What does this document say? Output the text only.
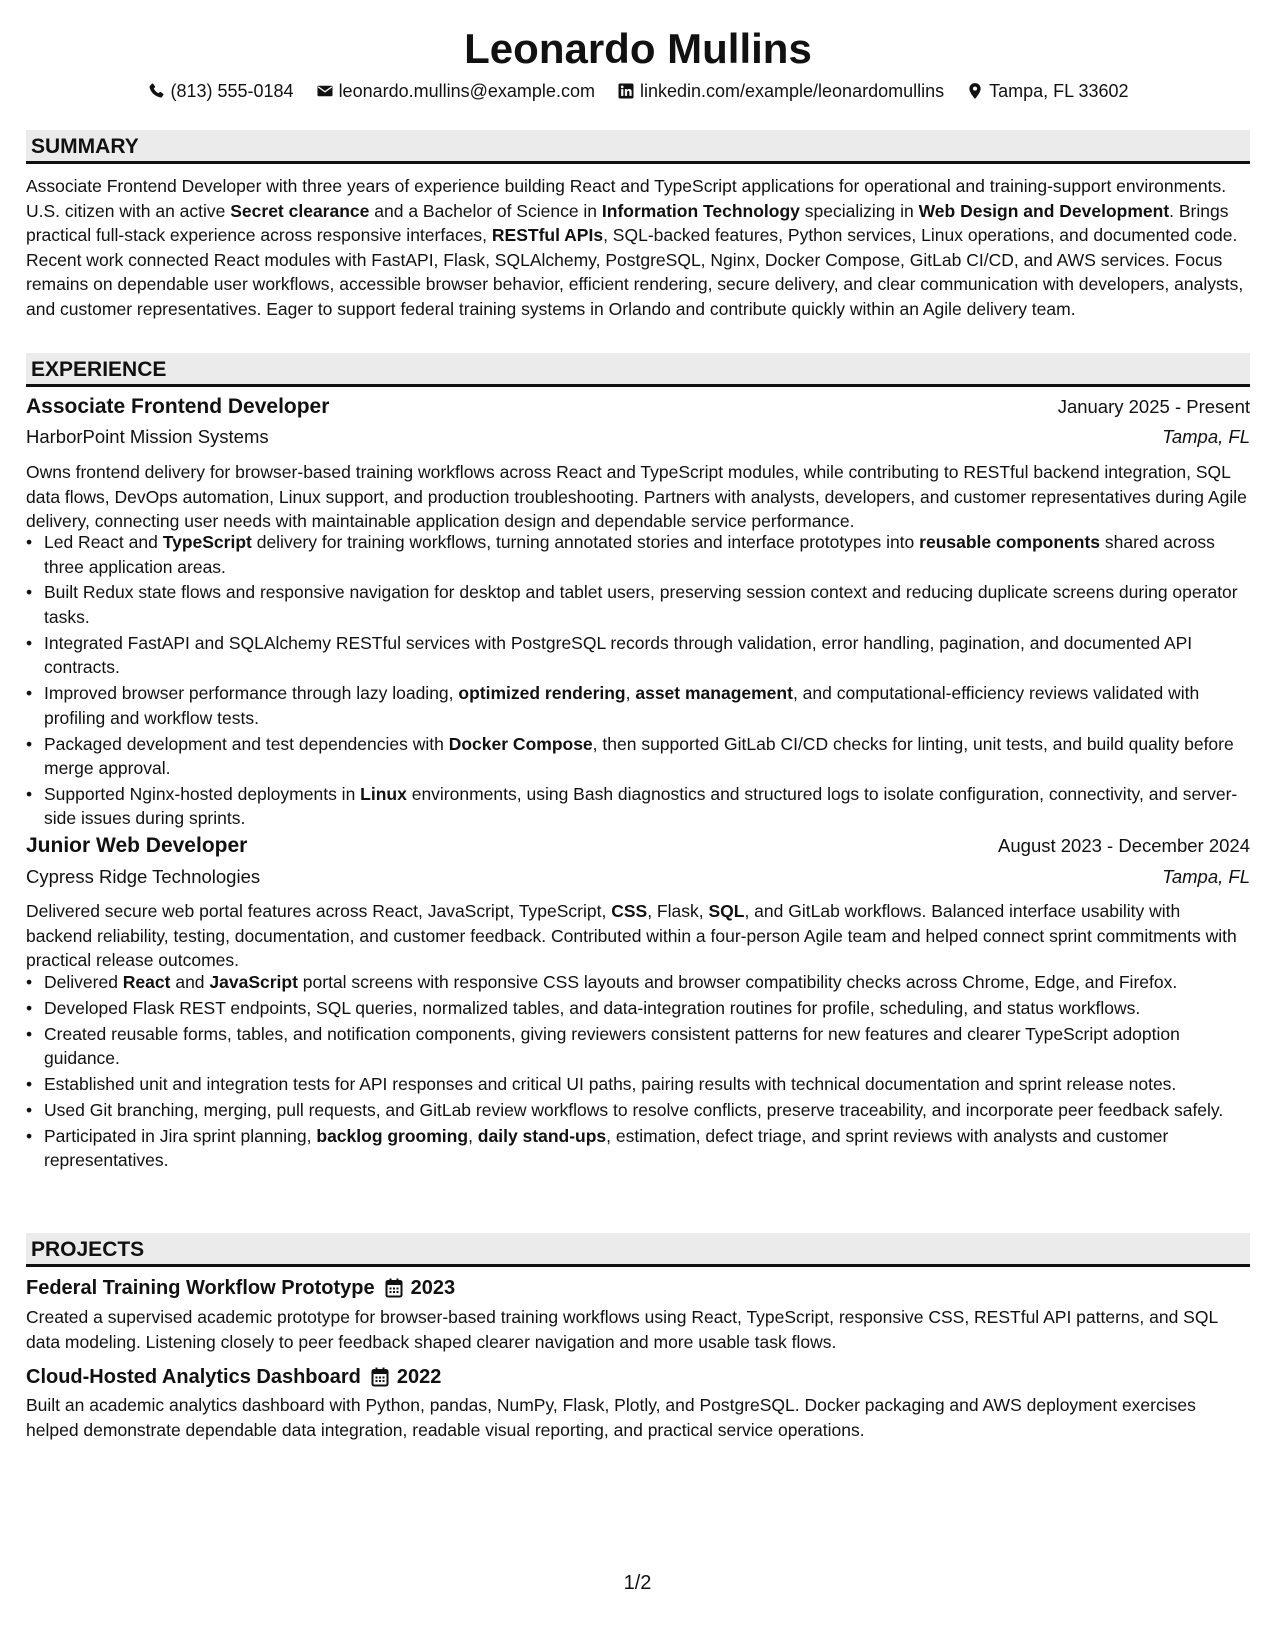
Leonardo Mullins
(813) 555-0184	leonardo.mullins@example.com	linkedin.com/example/leonardomullins	Tampa, FL 33602
SUMMARY

Associate Frontend Developer with three years of experience building React and TypeScript applications for operational and training-support environments. U.S. citizen with an active Secret clearance and a Bachelor of Science in Information Technology specializing in Web Design and Development. Brings practical full-stack experience across responsive interfaces, RESTful APIs, SQL-backed features, Python services, Linux operations, and documented code. Recent work connected React modules with FastAPI, Flask, SQLAlchemy, PostgreSQL, Nginx, Docker Compose, GitLab CI/CD, and AWS services. Focus remains on dependable user workflows, accessible browser behavior, efficient rendering, secure delivery, and clear communication with developers, analysts, and customer representatives. Eager to support federal training systems in Orlando and contribute quickly within an Agile delivery team.

EXPERIENCE
Associate Frontend Developer	January 2025 - Present
HarborPoint Mission Systems	Tampa, FL

Owns frontend delivery for browser-based training workflows across React and TypeScript modules, while contributing to RESTful backend integration, SQL data flows, DevOps automation, Linux support, and production troubleshooting. Partners with analysts, developers, and customer representatives during Agile delivery, connecting user needs with maintainable application design and dependable service performance.

• Led React and TypeScript delivery for training workflows, turning annotated stories and interface prototypes into reusable components shared across three application areas.
• Built Redux state flows and responsive navigation for desktop and tablet users, preserving session context and reducing duplicate screens during operator tasks.
• Integrated FastAPI and SQLAlchemy RESTful services with PostgreSQL records through validation, error handling, pagination, and documented API contracts.
• Improved browser performance through lazy loading, optimized rendering, asset management, and computational-efficiency reviews validated with profiling and workflow tests.
• Packaged development and test dependencies with Docker Compose, then supported GitLab CI/CD checks for linting, unit tests, and build quality before merge approval.
• Supported Nginx-hosted deployments in Linux environments, using Bash diagnostics and structured logs to isolate configuration, connectivity, and server-side issues during sprints.
Junior Web Developer	August 2023 - December 2024
Cypress Ridge Technologies	Tampa, FL

Delivered secure web portal features across React, JavaScript, TypeScript, CSS, Flask, SQL, and GitLab workflows. Balanced interface usability with backend reliability, testing, documentation, and customer feedback. Contributed within a four-person Agile team and helped connect sprint commitments with practical release outcomes.

• Delivered React and JavaScript portal screens with responsive CSS layouts and browser compatibility checks across Chrome, Edge, and Firefox.
• Developed Flask REST endpoints, SQL queries, normalized tables, and data-integration routines for profile, scheduling, and status workflows.
• Created reusable forms, tables, and notification components, giving reviewers consistent patterns for new features and clearer TypeScript adoption guidance.
• Established unit and integration tests for API responses and critical UI paths, pairing results with technical documentation and sprint release notes.
• Used Git branching, merging, pull requests, and GitLab review workflows to resolve conflicts, preserve traceability, and incorporate peer feedback safely.
• Participated in Jira sprint planning, backlog grooming, daily stand-ups, estimation, defect triage, and sprint reviews with analysts and customer representatives.
PROJECTS
Federal Training Workflow Prototype 2023

Created a supervised academic prototype for browser-based training workflows using React, TypeScript, responsive CSS, RESTful API patterns, and SQL data modeling. Listening closely to peer feedback shaped clearer navigation and more usable task flows.

Cloud-Hosted Analytics Dashboard 2022

Built an academic analytics dashboard with Python, pandas, NumPy, Flask, Plotly, and PostgreSQL. Docker packaging and AWS deployment exercises helped demonstrate dependable data integration, readable visual reporting, and practical service operations.

1/2
